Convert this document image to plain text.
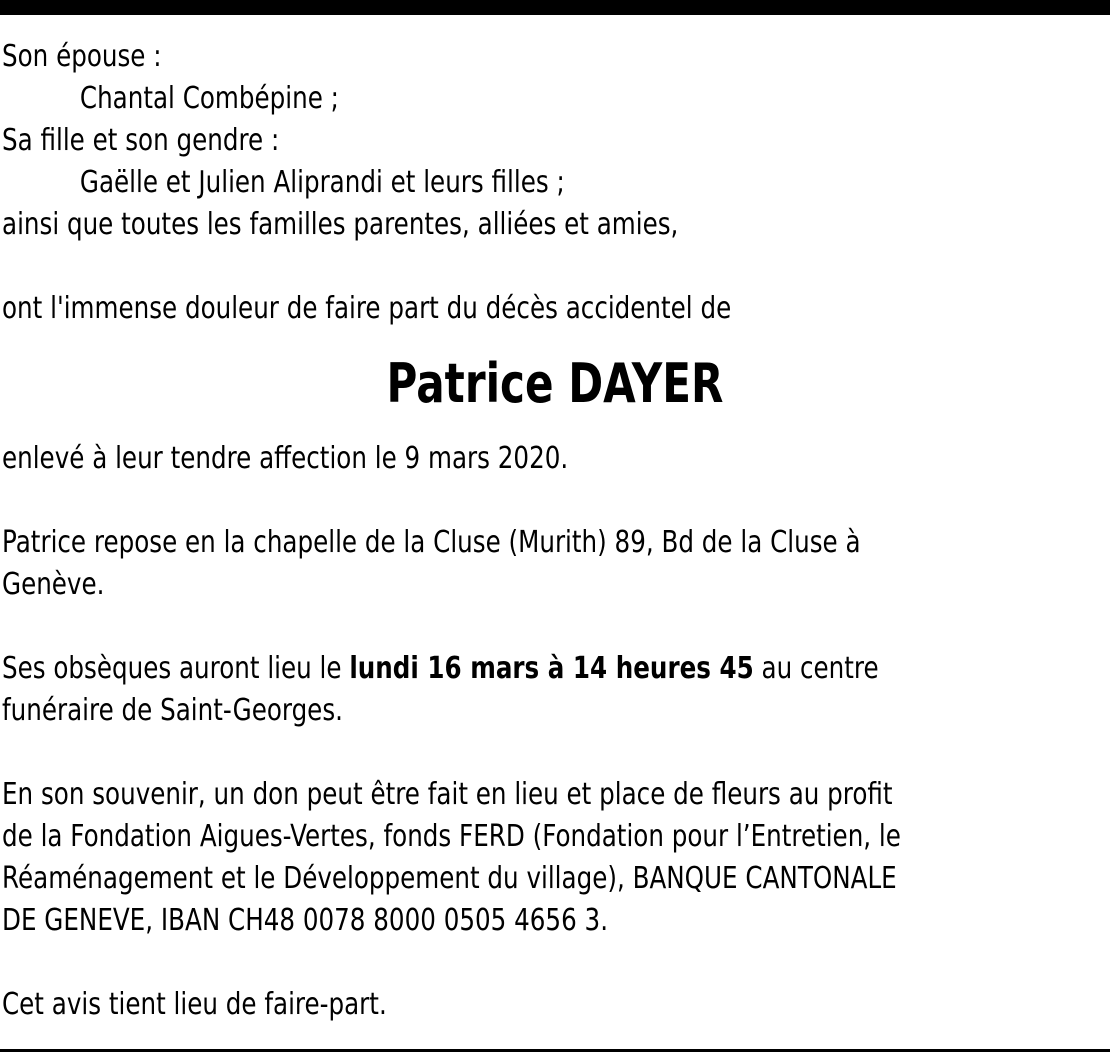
Son épouse :
Chantal Combépine ;
Sa fille et son gendre :
Gaëlle et Julien Aliprandi et leurs filles ;
ainsi que toutes les familles parentes, alliées et amies,
ont l'immense douleur de faire part du décès accidentel de
Patrice DAYER
enlevé à leur tendre affection le 9 mars 2020.
Patrice repose en la chapelle de la Cluse (Murith) 89, Bd de la Cluse à
Genève.
Ses obsèques auront lieu le lundi 16 mars à 14 heures 45 au centre
funéraire de Saint-Georges.
En son souvenir, un don peut être fait en lieu et place de fleurs au profit
de la Fondation Aigues-Vertes, fonds FERD (Fondation pour l’Entretien, le
Réaménagement et le Développement du village), BANQUE CANTONALE
DE GENEVE, IBAN CH48 0078 8000 0505 4656 3.
Cet avis tient lieu de faire-part.
